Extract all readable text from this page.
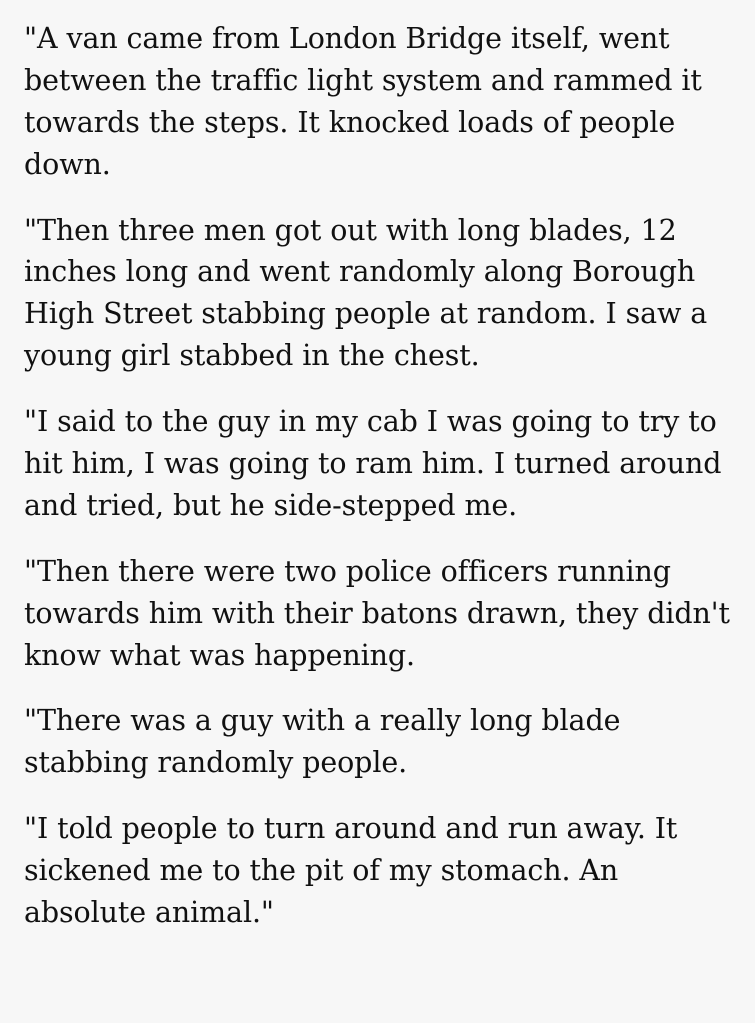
"A van came from London Bridge itself, went between the traffic light system and rammed it towards the steps. It knocked loads of people down.

"Then three men got out with long blades, 12 inches long and went randomly along Borough High Street stabbing people at random. I saw a young girl stabbed in the chest.

"I said to the guy in my cab I was going to try to hit him, I was going to ram him. I turned around and tried, but he side-stepped me.

"Then there were two police officers running towards him with their batons drawn, they didn't know what was happening.

"There was a guy with a really long blade stabbing randomly people.

"I told people to turn around and run away. It sickened me to the pit of my stomach. An absolute animal."
